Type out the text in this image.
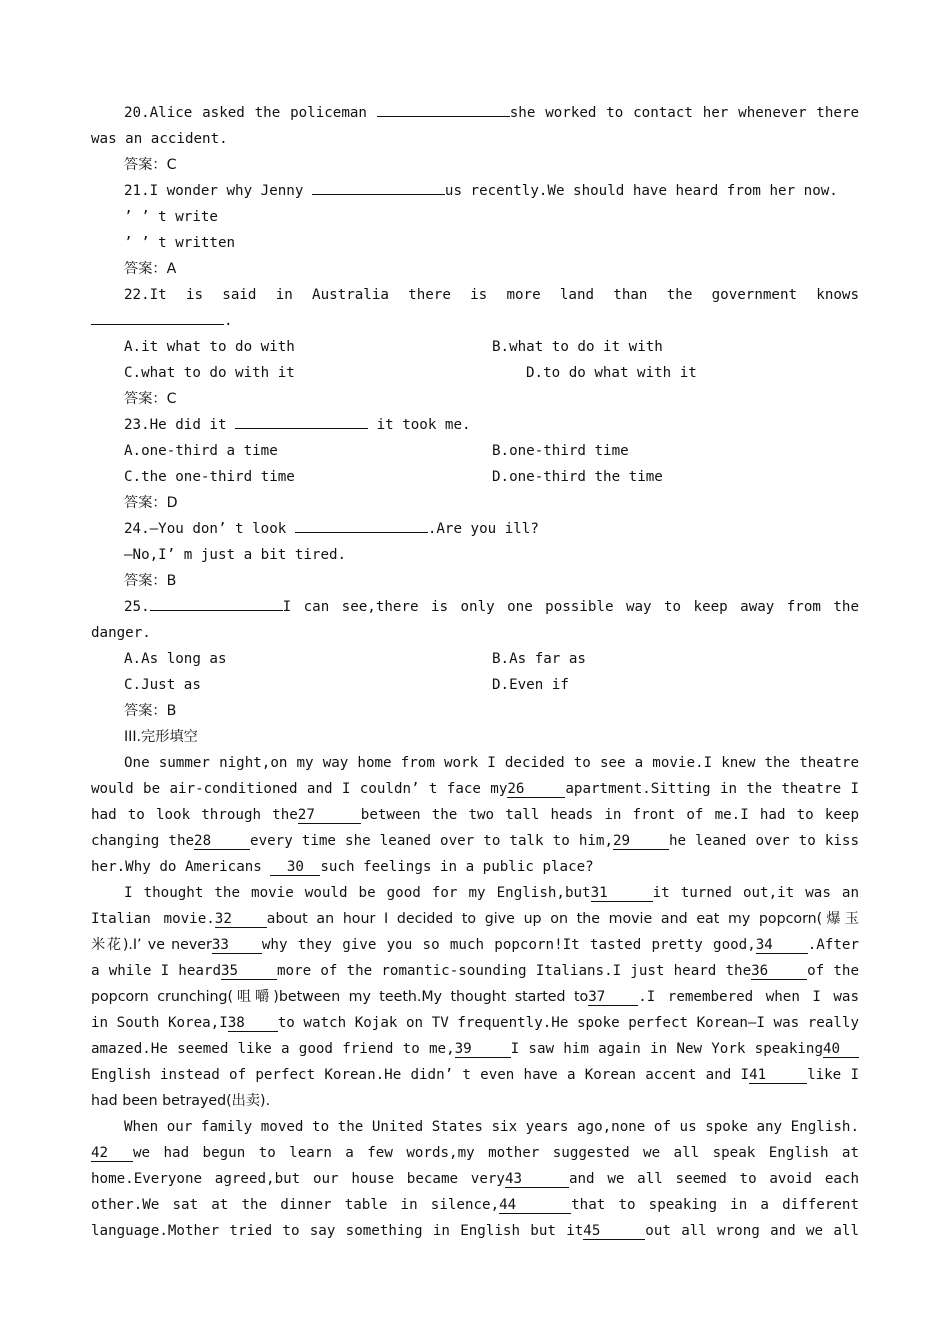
20.Alice asked the policeman	she worked to contact her whenever there
was an accident.
答案：C
21.I wonder why Jenny	us recently.We should have heard from her now.
’ ’ t write
’ ’ t written
答案：A
22.It is said in Australia there is more land than the government knows
.
A.it what to do with	B.what to do it with
C.what to do with it	D.to do what with it
答案：C
23.He did it	it took me.
A.one-third a time	B.one-third time
C.the one-third time	D.one-third the time
答案：D
24.—You don’ t look	.Are you ill?
—No,I’ m just a bit tired.
答案：B
25.	I can see,there is only one possible way to keep away from the
danger.
A.As long as	B.As far as
C.Just as	D.Even if
答案：B
III.完形填空
One summer night,on my way home from work I decided to see a movie.I knew the theatre
would be air-conditioned and I couldn’ t face my26	apartment.Sitting in the theatre I
had to look through the27	between the two tall heads in front of me.I had to keep
changing the28	every time she leaned over to talk to him,29	he leaned over to kiss
her.Why do Americans 30 such feelings in a public place?
I thought the movie would be good for my English,but31	it turned out,it was an
Italian movie.32 about an hour I decided to give up on the movie and eat my popcorn(爆玉
米花).I’ ve never33 why they give you so much popcorn!It tasted pretty good,34 .After
a while I heard35	more of the romantic-sounding Italians.I just heard the36	of the
popcorn crunching(咀嚼)between my teeth.My thought started to37 .I remembered when I was
in South Korea,I38 to watch Kojak on TV frequently.He spoke perfect Korean—I was really
amazed.He seemed like a good friend to me,39	I saw him again in New York speaking40
English instead of perfect Korean.He didn’ t even have a Korean accent and I41	like I
had been betrayed(出卖).
When our family moved to the United States six years ago,none of us spoke any English.
42 we had begun to learn a few words,my mother suggested we all speak English at
home.Everyone agreed,but our house became very43	and we all seemed to avoid each
other.We sat at the dinner table in silence,44	that to speaking in a different
language.Mother tried to say something in English but it45	out all wrong and we all
